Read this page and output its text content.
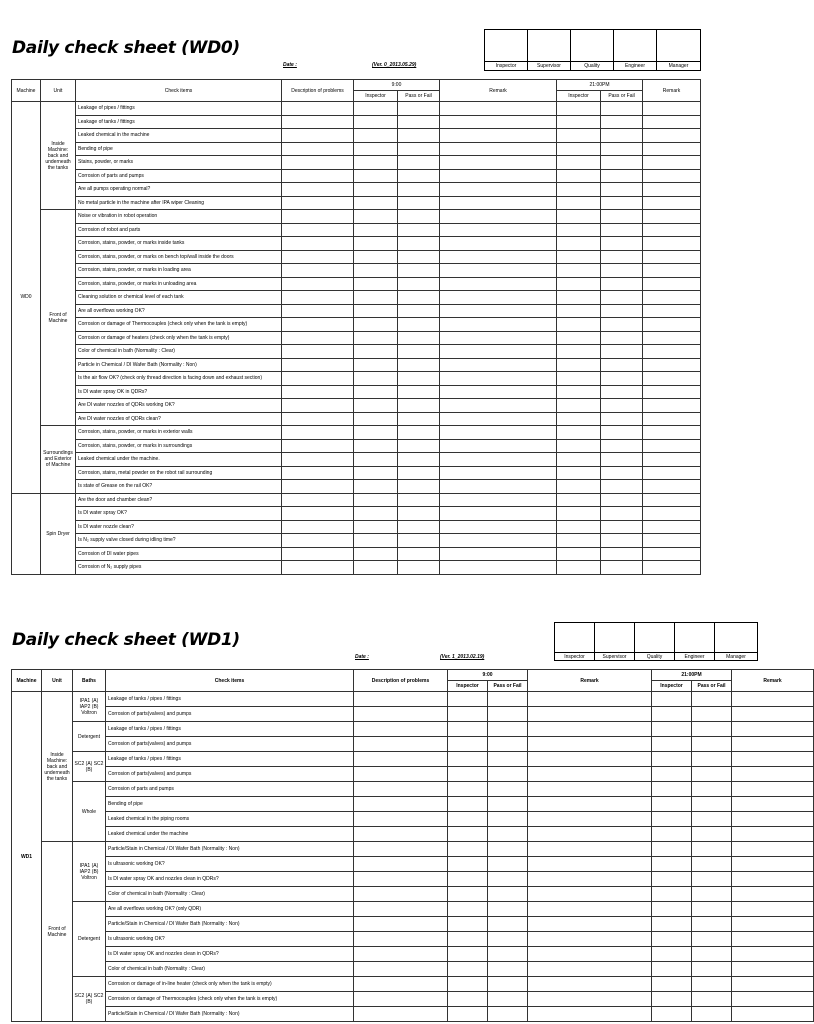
Daily check sheet (WD0)
Date :	(Ver. 0_2013.05.29)
					Inspector	Supervisor	Quality	Engineer	Manager
Machine	Unit	Check items	Description of problems	9:00		Remark	21:00PM		Remark
				Inspector	Pass or Fail		Inspector	Pass or Fail	
WD0	Inside Machine: back and underneath the tanks	Leakage of pipes / fittings							
		Leakage of tanks / fittings							
		Leaked chemical in the machine							
		Bending of pipe							
		Stains, powder, or marks							
		Corrosion of parts and pumps							
		Are all pumps operating normal?							
		No metal particle in the machine after IPA wiper Cleaning							
	Front of Machine	Noise or vibration in robot operation							
		Corrosion of robot and parts							
		Corrosion, stains, powder, or marks inside tanks							
		Corrosion, stains, powder, or marks on bench top/wall inside the doors							
		Corrosion, stains, powder, or marks in loading area							
		Corrosion, stains, powder, or marks in unloading area							
		Cleaning solution or chemical level of each tank							
		Are all overflows working OK?							
		Corrosion or damage of Thermocouples (check only when the tank is empty)							
		Corrosion or damage of heaters (check only when the tank is empty)							
		Color of chemical in bath (Normality : Clear)							
		Particle in Chemical / DI Wafer Bath (Normality : Non)							
		Is the air flow OK? (check only thread direction is facing down and exhaust section)							
		Is DI water spray OK in QDRs?							
		Are DI water nozzles of QDRs working OK?							
		Are DI water nozzles of QDRs clean?							
	Surroundings and Exterior of Machine	Corrosion, stains, powder, or marks in exterior walls							
		Corrosion, stains, powder, or marks in surroundings							
		Leaked chemical under the machine.							
		Corrosion, stains, metal powder on the robot rail surrounding							
		Is state of Grease on the rail OK?							
	Spin Dryer	Are the door and chamber clean?							
		Is DI water spray OK?							
		Is DI water nozzle clean?							
		Is N₂ supply valve closed during idling time?							
		Corrosion of DI water pipes							
		Corrosion of N₂ supply pipes							
Daily check sheet (WD1)
Date :	(Ver. 1_2013.02.19)
					Inspector	Supervisor	Quality	Engineer	Manager
Machine	Unit	Baths	Check items	Description of problems	9:00		Remark	21:00PM		Remark
					Inspector	Pass or Fail		Inspector	Pass or Fail	
WD1	Inside Machine: back and underneath the tanks	IPA1 (A) IAP2 (B) Voltron	Leakage of tanks / pipes / fittings							
			Corrosion of parts(valves) and pumps							
		Detergent	Leakage of tanks / pipes / fittings							
			Corrosion of parts(valves) and pumps							
		SC2 (A) SC2 (B)	Leakage of tanks / pipes / fittings							
			Corrosion of parts(valves) and pumps							
		Whole	Corrosion of parts and pumps							
			Bending of pipe							
			Leaked chemical in the piping rooms							
			Leaked chemical under the machine							
	Front of Machine	IPA1 (A) IAP2 (B) Voltron	Particle/Stain in Chemical / DI Wafer Bath (Normality : Non)							
			Is ultrasonic working OK?							
			Is DI water spray OK and nozzles clean in QDRs?							
			Color of chemical in bath (Normality : Clear)							
		Detergent	Are all overflows working OK? (only QDR)							
			Particle/Stain in Chemical / DI Wafer Bath (Normality : Non)							
			Is ultrasonic working OK?							
			Is DI water spray OK and nozzles clean in QDRs?							
			Color of chemical in bath (Normality : Clear)							
		SC2 (A) SC2 (B)	Corrosion or damage of in-line heater (check only when the tank is empty)							
			Corrosion or damage of Thermocouples (check only when the tank is empty)							
			Particle/Stain in Chemical / DI Wafer Bath (Normality : Non)							
